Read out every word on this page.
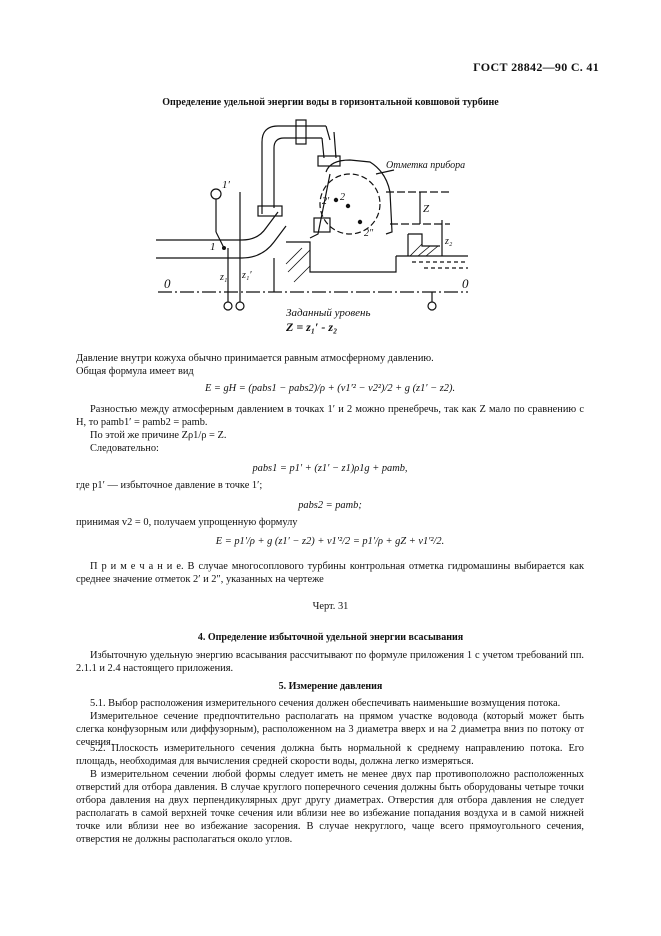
ГОСТ 28842—90 С. 41
Определение удельной энергии воды в горизонтальной ковшовой турбине
1′
1
2′ 2
2″
z₁ z₁′
Z
z₂
0	0
Отметка прибора
Заданный уровень
Z = z₁′ - z₂
Давление внутри кожуха обычно принимается равным атмосферному давлению.
Общая формула имеет вид
E = gH = (pabs1 − pabs2)/ρ + (v1′² − v2²)/2 + g (z1′ − z2).
Разностью между атмосферным давлением в точках 1′ и 2 можно пренебречь, так как Z мало по сравнению с H, то pamb1′ = pamb2 = pamb.
По этой же причине Zρ1/ρ = Z.
Следовательно:
pabs1 = p1′ + (z1′ − z1)ρ1g + pamb,
где p1′ — избыточное давление в точке 1′;
pabs2 = pamb;
принимая v2 = 0, получаем упрощенную формулу
E = p1′/ρ + g (z1′ − z2) + v1′²/2 = p1′/ρ + gZ + v1′²/2.
П р и м е ч а н и е. В случае многосоплового турбины контрольная отметка гидромашины выбирается как среднее значение отметок 2′ и 2″, указанных на чертеже
Черт. 31
4. Определение избыточной удельной энергии всасывания
Избыточную удельную энергию всасывания рассчитывают по формуле приложения 1 с учетом требований пп. 2.1.1 и 2.4 настоящего приложения.
5. Измерение давления
5.1. Выбор расположения измерительного сечения должен обеспечивать наименьшие возмущения потока.
Измерительное сечение предпочтительно располагать на прямом участке водовода (который может быть слегка конфузорным или диффузорным), расположенном на 3 диаметра вверх и на 2 диаметра вниз по потоку от сечения.
5.2. Плоскость измерительного сечения должна быть нормальной к среднему направлению потока. Его площадь, необходимая для вычисления средней скорости воды, должна легко измеряться.
В измерительном сечении любой формы следует иметь не менее двух пар противоположно расположенных отверстий для отбора давления. В случае круглого поперечного сечения должны быть оборудованы четыре точки отбора давления на двух перпендикулярных друг другу диаметрах. Отверстия для отбора давления не следует располагать в самой верхней точке сечения или вблизи нее во избежание попадания воздуха и в самой нижней точке или вблизи нее во избежание засорения. В случае некруглого, чаще всего прямоугольного сечения, отверстия не должны располагаться около углов.
